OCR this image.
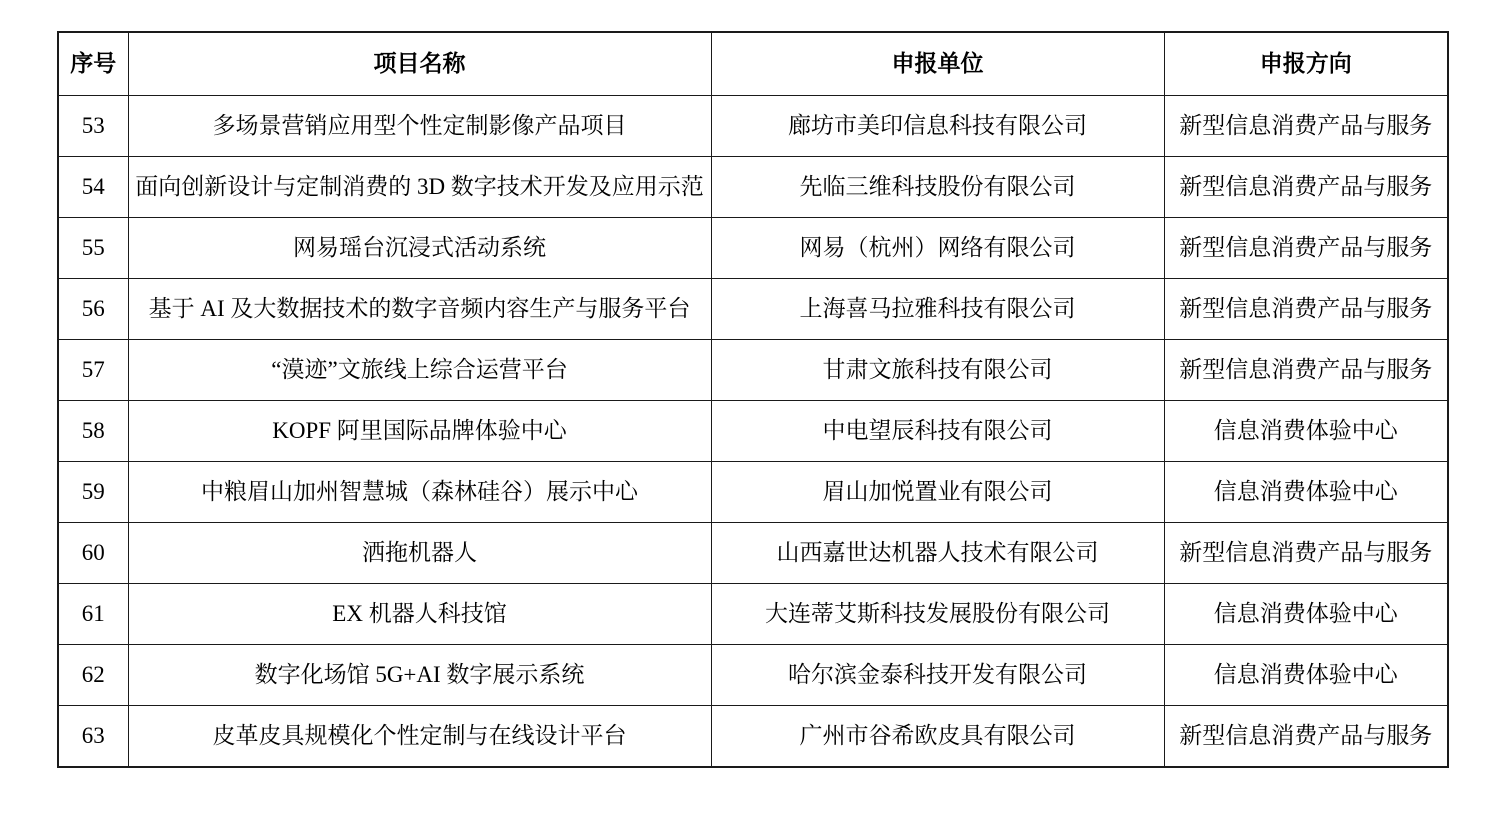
序号	项目名称	申报单位	申报方向
53	多场景营销应用型个性定制影像产品项目	廊坊市美印信息科技有限公司	新型信息消费产品与服务
54	面向创新设计与定制消费的 3D 数字技术开发及应用示范	先临三维科技股份有限公司	新型信息消费产品与服务
55	网易瑶台沉浸式活动系统	网易（杭州）网络有限公司	新型信息消费产品与服务
56	基于 AI 及大数据技术的数字音频内容生产与服务平台	上海喜马拉雅科技有限公司	新型信息消费产品与服务
57	“漠迹”文旅线上综合运营平台	甘肃文旅科技有限公司	新型信息消费产品与服务
58	KOPF 阿里国际品牌体验中心	中电望辰科技有限公司	信息消费体验中心
59	中粮眉山加州智慧城（森林硅谷）展示中心	眉山加悦置业有限公司	信息消费体验中心
60	洒拖机器人	山西嘉世达机器人技术有限公司	新型信息消费产品与服务
61	EX 机器人科技馆	大连蒂艾斯科技发展股份有限公司	信息消费体验中心
62	数字化场馆 5G+AI 数字展示系统	哈尔滨金泰科技开发有限公司	信息消费体验中心
63	皮革皮具规模化个性定制与在线设计平台	广州市谷希欧皮具有限公司	新型信息消费产品与服务
